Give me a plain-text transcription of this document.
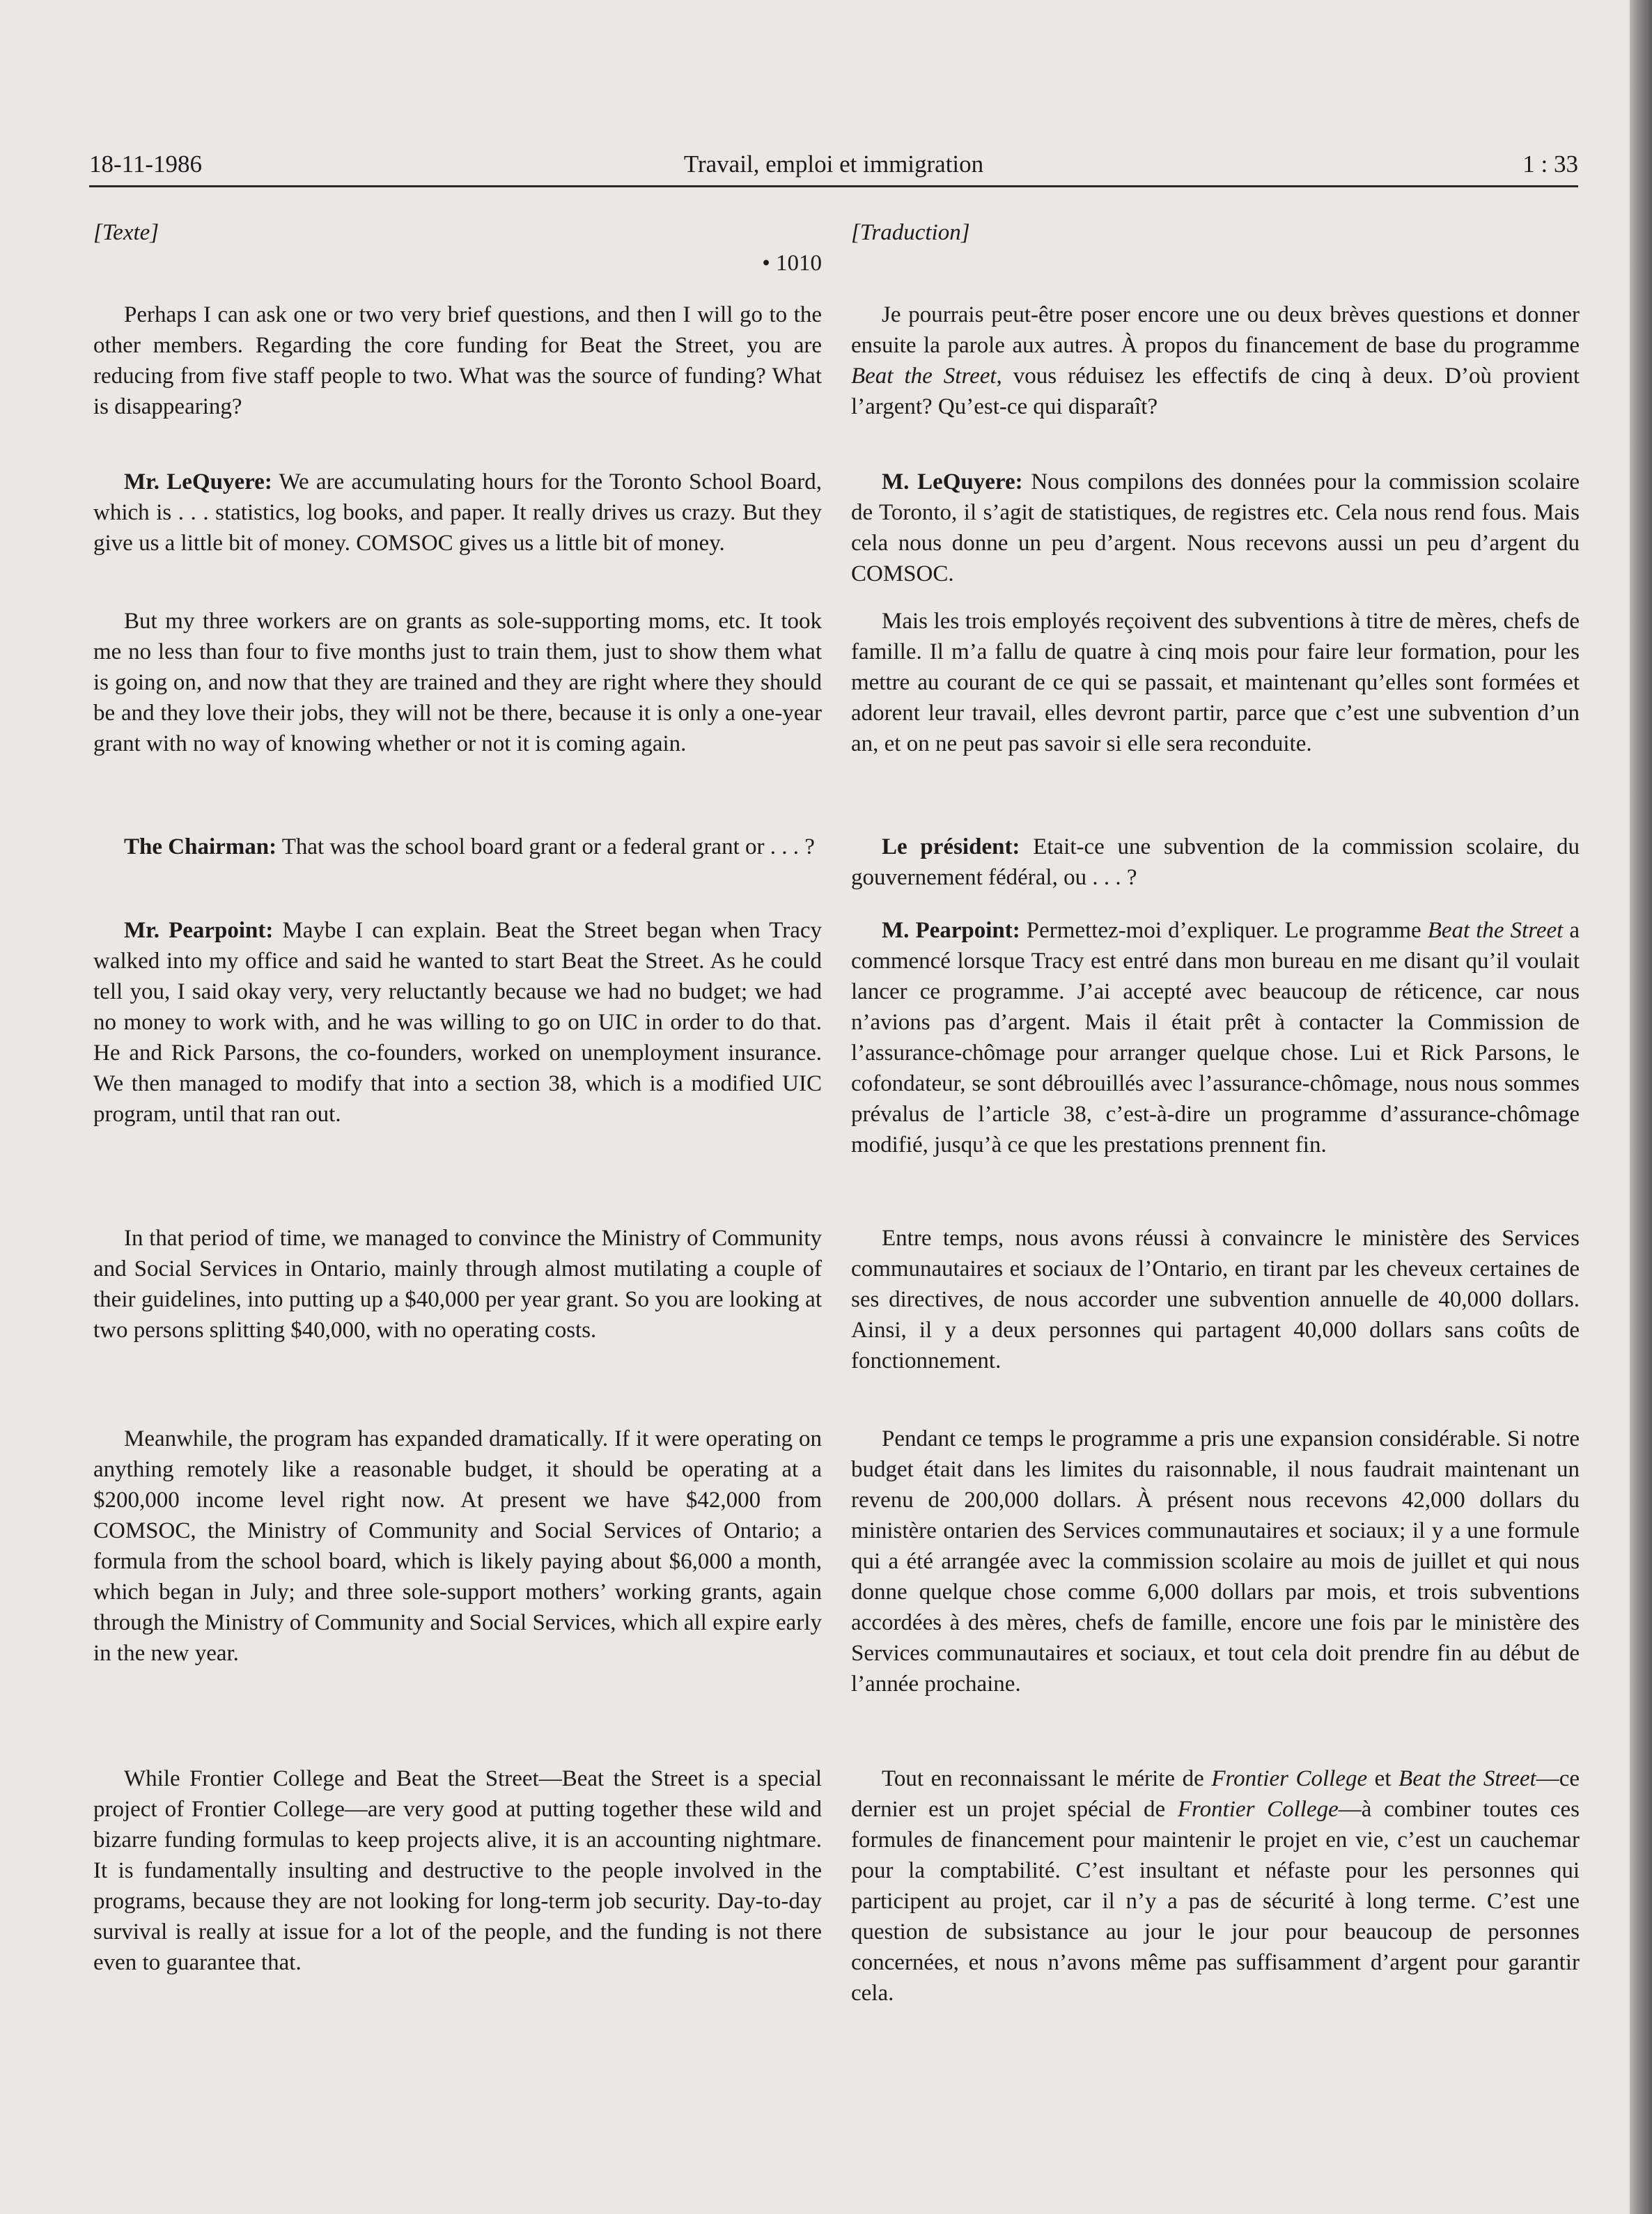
18-11-1986	Travail, emploi et immigration	1 : 33
[Texte]
• 1010

Perhaps I can ask one or two very brief questions, and then I will go to the other members. Regarding the core funding for Beat the Street, you are reducing from five staff people to two. What was the source of funding? What is disappearing?

Mr. LeQuyere: We are accumulating hours for the Toronto School Board, which is . . . statistics, log books, and paper. It really drives us crazy. But they give us a little bit of money. COMSOC gives us a little bit of money.

But my three workers are on grants as sole-supporting moms, etc. It took me no less than four to five months just to train them, just to show them what is going on, and now that they are trained and they are right where they should be and they love their jobs, they will not be there, because it is only a one-year grant with no way of knowing whether or not it is coming again.

The Chairman: That was the school board grant or a federal grant or . . . ?

Mr. Pearpoint: Maybe I can explain. Beat the Street began when Tracy walked into my office and said he wanted to start Beat the Street. As he could tell you, I said okay very, very reluctantly because we had no budget; we had no money to work with, and he was willing to go on UIC in order to do that. He and Rick Parsons, the co-founders, worked on unemployment insurance. We then managed to modify that into a section 38, which is a modified UIC program, until that ran out.

In that period of time, we managed to convince the Ministry of Community and Social Services in Ontario, mainly through almost mutilating a couple of their guidelines, into putting up a $40,000 per year grant. So you are looking at two persons splitting $40,000, with no operating costs.

Meanwhile, the program has expanded dramatically. If it were operating on anything remotely like a reasonable budget, it should be operating at a $200,000 income level right now. At present we have $42,000 from COMSOC, the Ministry of Community and Social Services of Ontario; a formula from the school board, which is likely paying about $6,000 a month, which began in July; and three sole-support mothers’ working grants, again through the Ministry of Community and Social Services, which all expire early in the new year.

While Frontier College and Beat the Street—Beat the Street is a special project of Frontier College—are very good at putting together these wild and bizarre funding formulas to keep projects alive, it is an accounting nightmare. It is fundamentally insulting and destructive to the people involved in the programs, because they are not looking for long-term job security. Day-to-day survival is really at issue for a lot of the people, and the funding is not there even to guarantee that.

[Traduction]

Je pourrais peut-être poser encore une ou deux brèves questions et donner ensuite la parole aux autres. À propos du financement de base du programme Beat the Street, vous réduisez les effectifs de cinq à deux. D’où provient l’argent? Qu’est-ce qui disparaît?

M. LeQuyere: Nous compilons des données pour la commission scolaire de Toronto, il s’agit de statistiques, de registres etc. Cela nous rend fous. Mais cela nous donne un peu d’argent. Nous recevons aussi un peu d’argent du COMSOC.

Mais les trois employés reçoivent des subventions à titre de mères, chefs de famille. Il m’a fallu de quatre à cinq mois pour faire leur formation, pour les mettre au courant de ce qui se passait, et maintenant qu’elles sont formées et adorent leur travail, elles devront partir, parce que c’est une subvention d’un an, et on ne peut pas savoir si elle sera reconduite.

Le président: Etait-ce une subvention de la commission scolaire, du gouvernement fédéral, ou . . . ?

M. Pearpoint: Permettez-moi d’expliquer. Le programme Beat the Street a commencé lorsque Tracy est entré dans mon bureau en me disant qu’il voulait lancer ce programme. J’ai accepté avec beaucoup de réticence, car nous n’avions pas d’argent. Mais il était prêt à contacter la Commission de l’assurance-chômage pour arranger quelque chose. Lui et Rick Parsons, le cofondateur, se sont débrouillés avec l’assurance-chômage, nous nous sommes prévalus de l’article 38, c’est-à-dire un programme d’assurance-chômage modifié, jusqu’à ce que les prestations prennent fin.

Entre temps, nous avons réussi à convaincre le ministère des Services communautaires et sociaux de l’Ontario, en tirant par les cheveux certaines de ses directives, de nous accorder une subvention annuelle de 40,000 dollars. Ainsi, il y a deux personnes qui partagent 40,000 dollars sans coûts de fonctionnement.

Pendant ce temps le programme a pris une expansion considérable. Si notre budget était dans les limites du raisonnable, il nous faudrait maintenant un revenu de 200,000 dollars. À présent nous recevons 42,000 dollars du ministère ontarien des Services communautaires et sociaux; il y a une formule qui a été arrangée avec la commission scolaire au mois de juillet et qui nous donne quelque chose comme 6,000 dollars par mois, et trois subventions accordées à des mères, chefs de famille, encore une fois par le ministère des Services communautaires et sociaux, et tout cela doit prendre fin au début de l’année prochaine.

Tout en reconnaissant le mérite de Frontier College et Beat the Street—ce dernier est un projet spécial de Frontier College—à combiner toutes ces formules de financement pour maintenir le projet en vie, c’est un cauchemar pour la comptabilité. C’est insultant et néfaste pour les personnes qui participent au projet, car il n’y a pas de sécurité à long terme. C’est une question de subsistance au jour le jour pour beaucoup de personnes concernées, et nous n’avons même pas suffisamment d’argent pour garantir cela.
